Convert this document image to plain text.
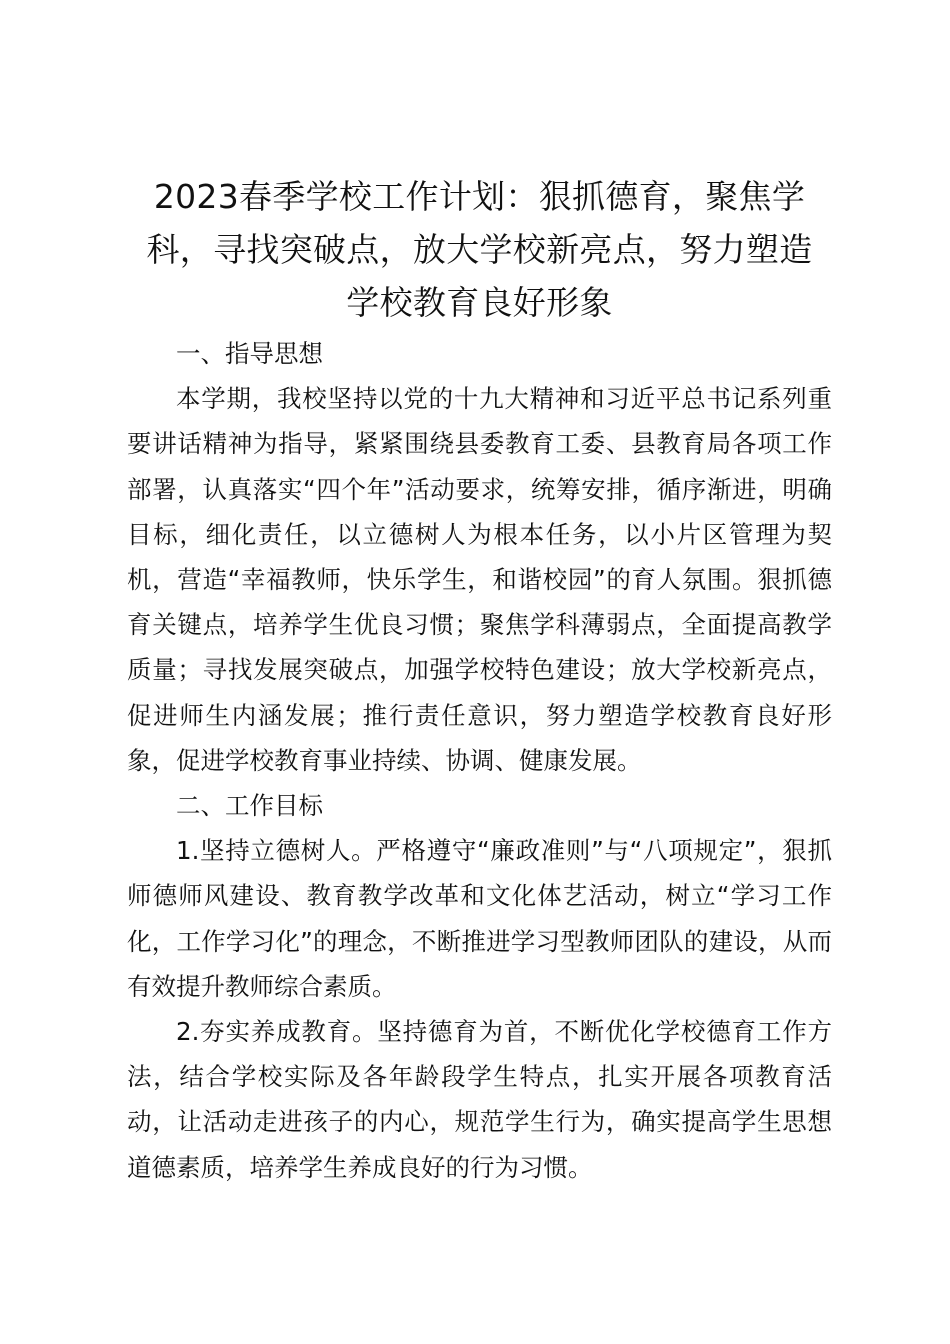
2023春季学校工作计划：狠抓德育，聚焦学
科，寻找突破点，放大学校新亮点，努力塑造
学校教育良好形象

一、指导思想

本学期，我校坚持以党的十九大精神和习近平总书记系列重要讲话精神为指导，紧紧围绕县委教育工委、县教育局各项工作部署，认真落实“四个年”活动要求，统筹安排，循序渐进，明确目标，细化责任，以立德树人为根本任务，以小片区管理为契机，营造“幸福教师，快乐学生，和谐校园”的育人氛围。狠抓德育关键点，培养学生优良习惯；聚焦学科薄弱点，全面提高教学质量；寻找发展突破点，加强学校特色建设；放大学校新亮点，促进师生内涵发展；推行责任意识，努力塑造学校教育良好形象，促进学校教育事业持续、协调、健康发展。

二、工作目标

1.坚持立德树人。严格遵守“廉政准则”与“八项规定”，狠抓师德师风建设、教育教学改革和文化体艺活动，树立“学习工作化，工作学习化”的理念，不断推进学习型教师团队的建设，从而有效提升教师综合素质。

2.夯实养成教育。坚持德育为首，不断优化学校德育工作方法，结合学校实际及各年龄段学生特点，扎实开展各项教育活动，让活动走进孩子的内心，规范学生行为，确实提高学生思想道德素质，培养学生养成良好的行为习惯。
